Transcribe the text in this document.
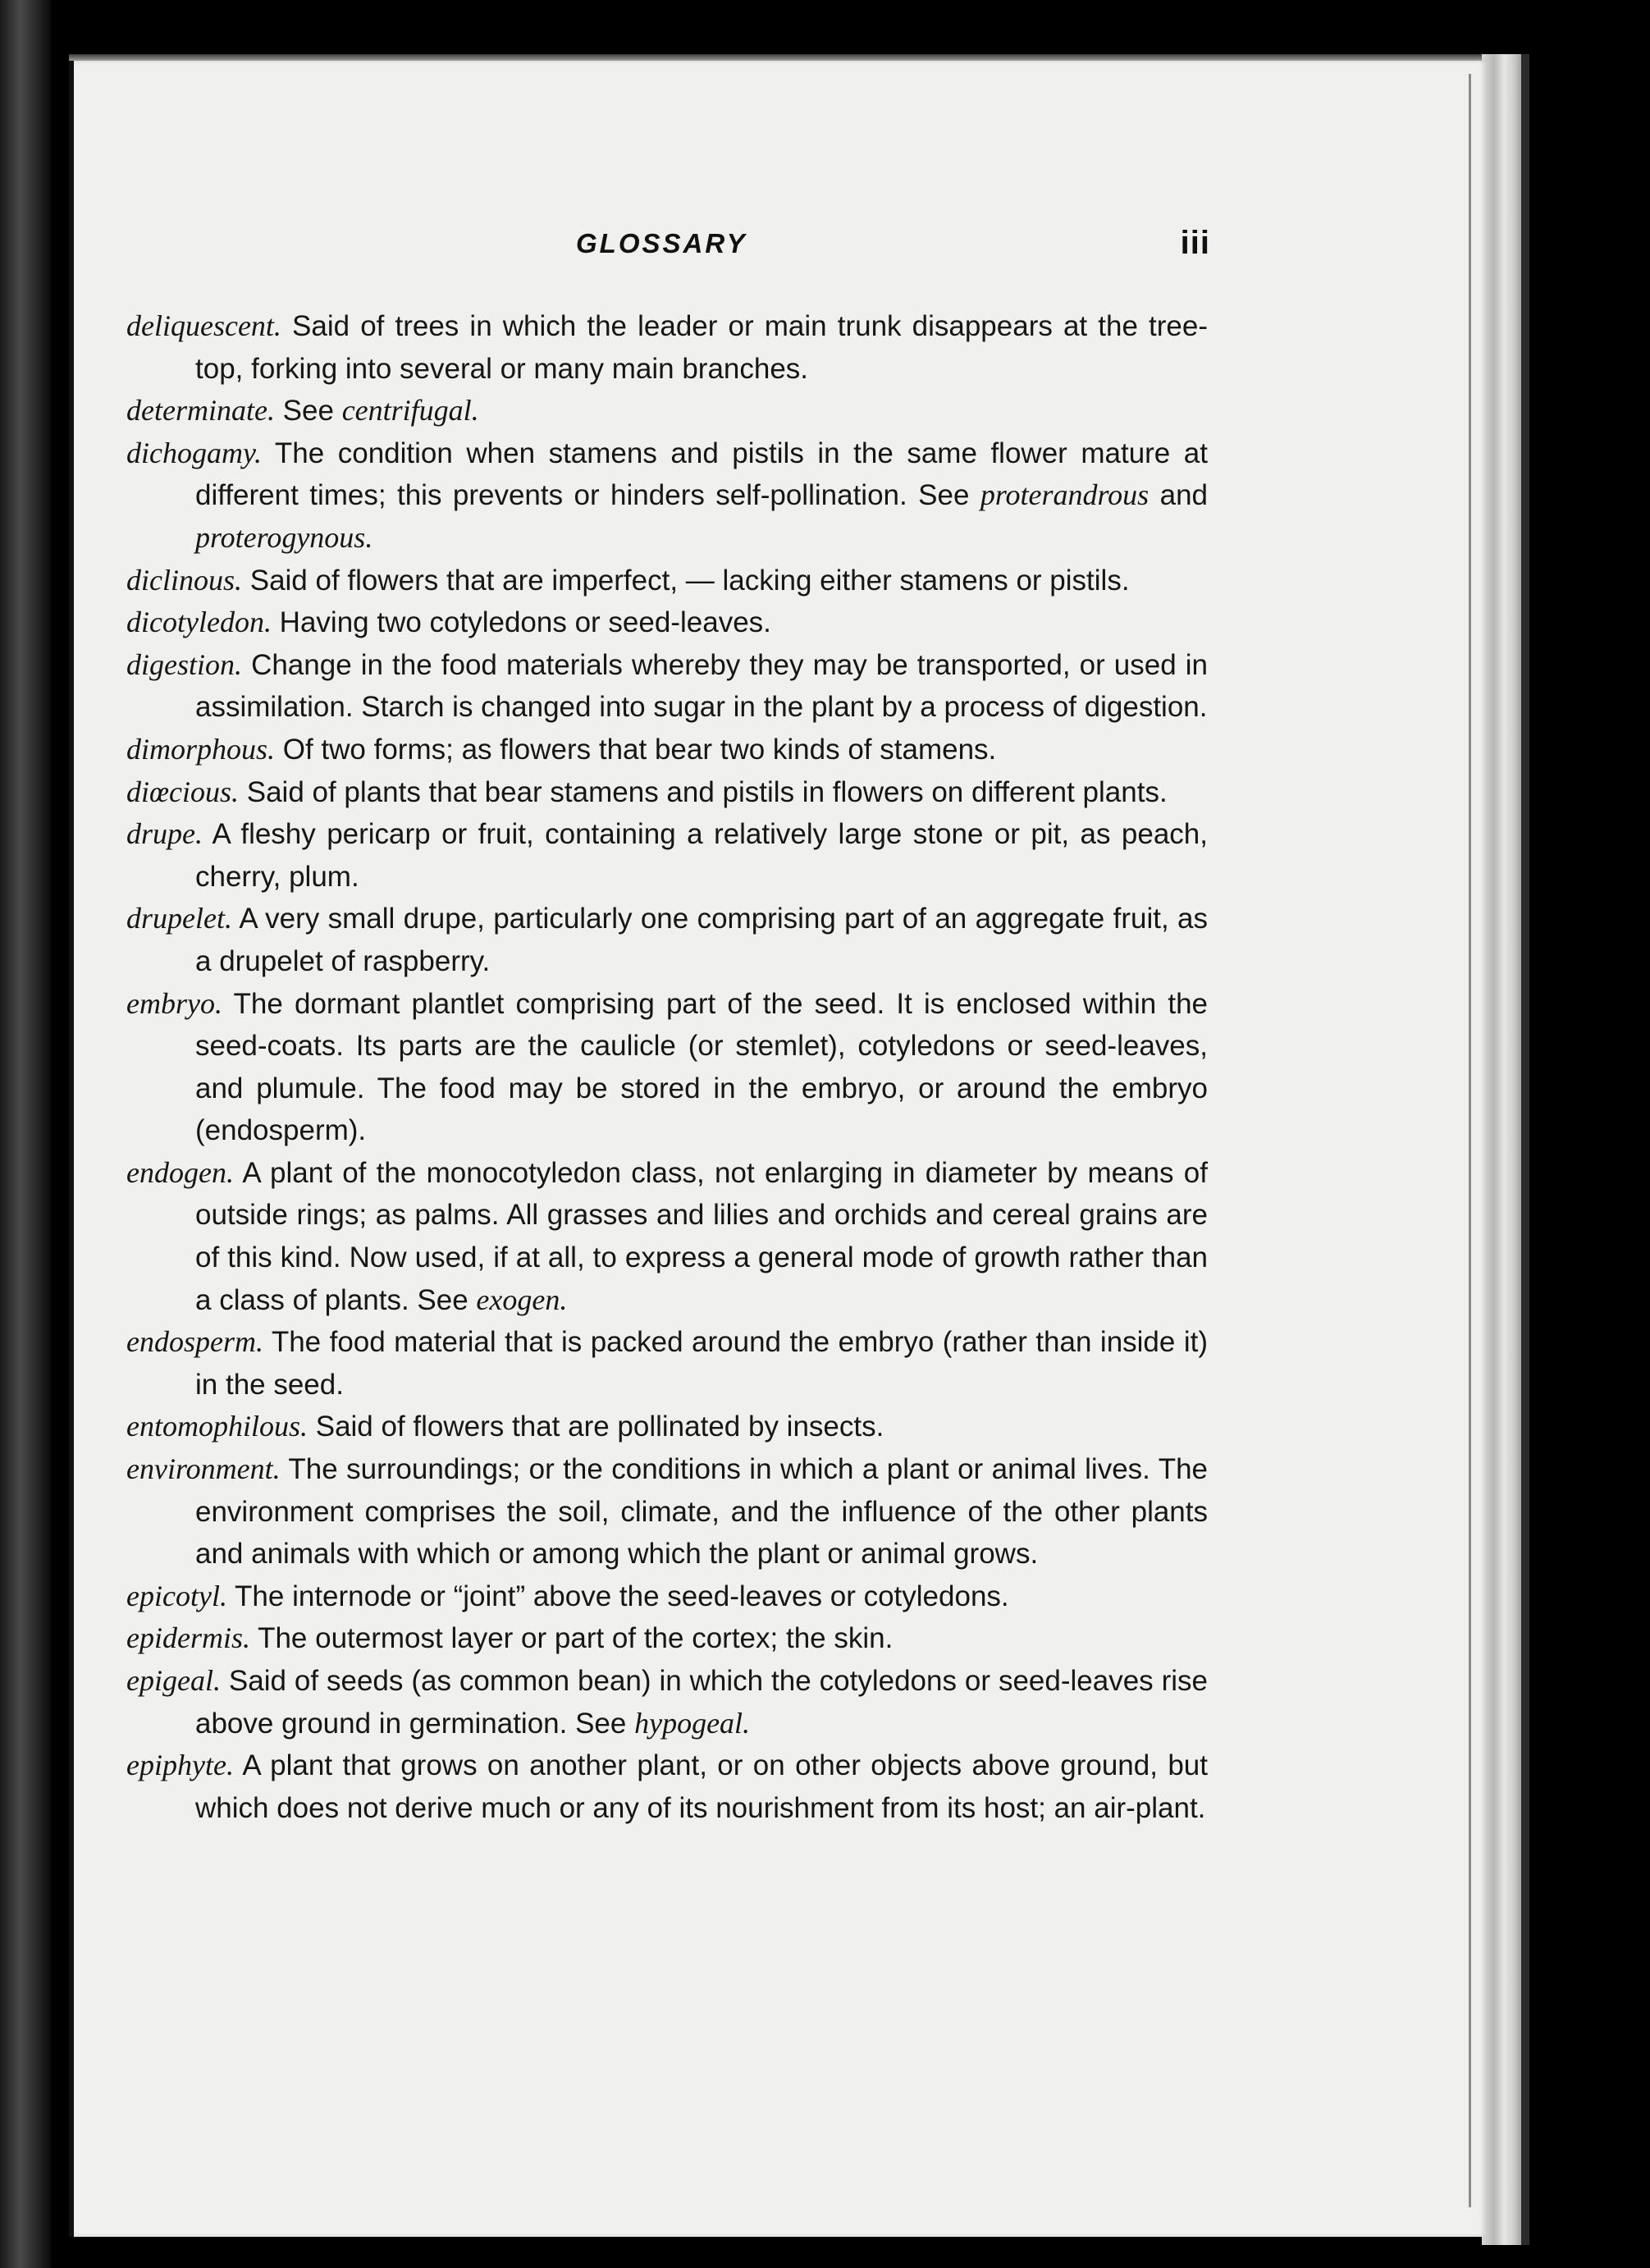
GLOSSARY	iii

deliquescent. Said of trees in which the leader or main trunk disappears at the tree-top, forking into several or many main branches.

determinate. See centrifugal.

dichogamy. The condition when stamens and pistils in the same flower mature at different times; this prevents or hinders self-pollination. See proterandrous and proterogynous.

diclinous. Said of flowers that are imperfect, — lacking either stamens or pistils.

dicotyledon. Having two cotyledons or seed-leaves.

digestion. Change in the food materials whereby they may be transported, or used in assimilation. Starch is changed into sugar in the plant by a process of digestion.

dimorphous. Of two forms; as flowers that bear two kinds of stamens.

diœcious. Said of plants that bear stamens and pistils in flowers on different plants.

drupe. A fleshy pericarp or fruit, containing a relatively large stone or pit, as peach, cherry, plum.

drupelet. A very small drupe, particularly one comprising part of an aggregate fruit, as a drupelet of raspberry.

embryo. The dormant plantlet comprising part of the seed. It is enclosed within the seed-coats. Its parts are the caulicle (or stemlet), cotyledons or seed-leaves, and plumule. The food may be stored in the embryo, or around the embryo (endosperm).

endogen. A plant of the monocotyledon class, not enlarging in diameter by means of outside rings; as palms. All grasses and lilies and orchids and cereal grains are of this kind. Now used, if at all, to express a general mode of growth rather than a class of plants. See exogen.

endosperm. The food material that is packed around the embryo (rather than inside it) in the seed.

entomophilous. Said of flowers that are pollinated by insects.

environment. The surroundings; or the conditions in which a plant or animal lives. The environment comprises the soil, climate, and the influence of the other plants and animals with which or among which the plant or animal grows.

epicotyl. The internode or “joint” above the seed-leaves or cotyledons.

epidermis. The outermost layer or part of the cortex; the skin.

epigeal. Said of seeds (as common bean) in which the cotyledons or seed-leaves rise above ground in germination. See hypogeal.

epiphyte. A plant that grows on another plant, or on other objects above ground, but which does not derive much or any of its nourishment from its host; an air-plant.
